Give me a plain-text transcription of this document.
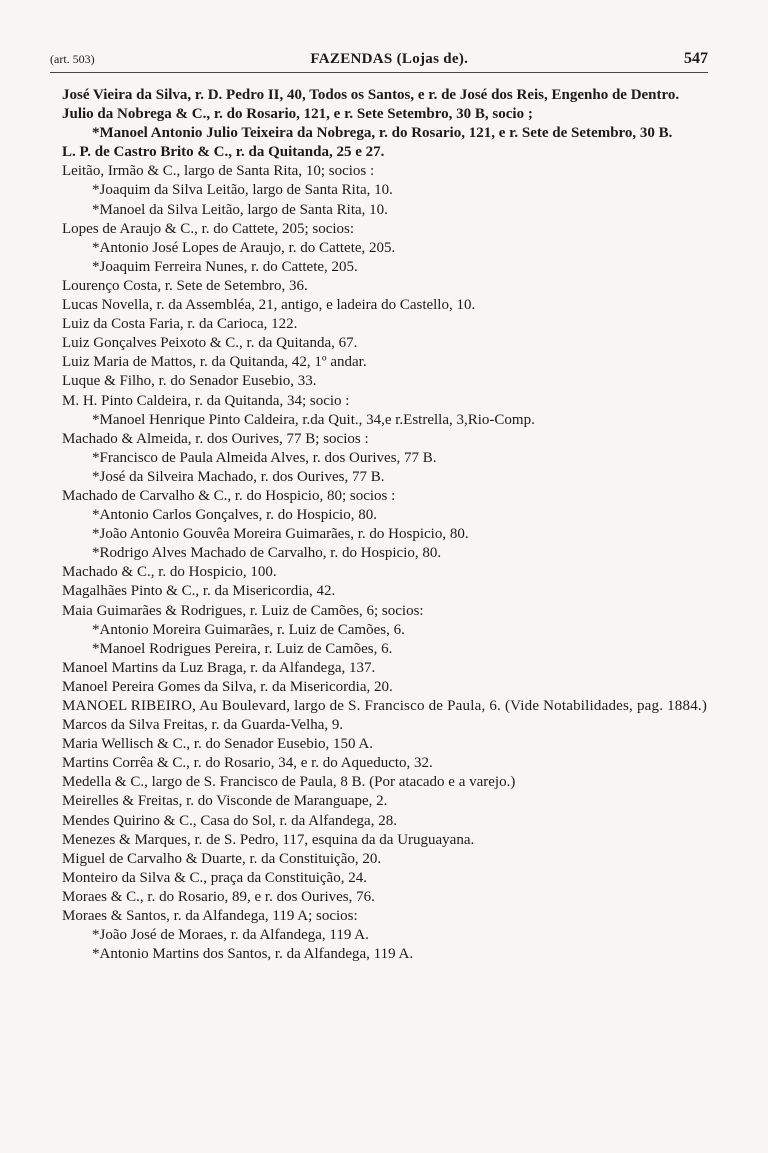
(art. 503)	FAZENDAS (Lojas de).	547

José Vieira da Silva, r. D. Pedro II, 40, Todos os Santos, e r. de José dos Reis, Engenho de Dentro.

Julio da Nobrega & C., r. do Rosario, 121, e r. Sete Setembro, 30 B, socio ;

*Manoel Antonio Julio Teixeira da Nobrega, r. do Rosario, 121, e r. Sete de Setembro, 30 B.

L. P. de Castro Brito & C., r. da Quitanda, 25 e 27.

Leitão, Irmão & C., largo de Santa Rita, 10; socios :

*Joaquim da Silva Leitão, largo de Santa Rita, 10.

*Manoel da Silva Leitão, largo de Santa Rita, 10.

Lopes de Araujo & C., r. do Cattete, 205; socios:

*Antonio José Lopes de Araujo, r. do Cattete, 205.

*Joaquim Ferreira Nunes, r. do Cattete, 205.

Lourenço Costa, r. Sete de Setembro, 36.

Lucas Novella, r. da Assembléa, 21, antigo, e ladeira do Castello, 10.

Luiz da Costa Faria, r. da Carioca, 122.

Luiz Gonçalves Peixoto & C., r. da Quitanda, 67.

Luiz Maria de Mattos, r. da Quitanda, 42, 1º andar.

Luque & Filho, r. do Senador Eusebio, 33.

M. H. Pinto Caldeira, r. da Quitanda, 34; socio :

*Manoel Henrique Pinto Caldeira, r.da Quit., 34,e r.Estrella, 3,Rio-Comp.

Machado & Almeida, r. dos Ourives, 77 B; socios :

*Francisco de Paula Almeida Alves, r. dos Ourives, 77 B.

*José da Silveira Machado, r. dos Ourives, 77 B.

Machado de Carvalho & C., r. do Hospicio, 80; socios :

*Antonio Carlos Gonçalves, r. do Hospicio, 80.

*João Antonio Gouvêa Moreira Guimarães, r. do Hospicio, 80.

*Rodrigo Alves Machado de Carvalho, r. do Hospicio, 80.

Machado & C., r. do Hospicio, 100.

Magalhães Pinto & C., r. da Misericordia, 42.

Maia Guimarães & Rodrigues, r. Luiz de Camões, 6; socios:

*Antonio Moreira Guimarães, r. Luiz de Camões, 6.

*Manoel Rodrigues Pereira, r. Luiz de Camões, 6.

Manoel Martins da Luz Braga, r. da Alfandega, 137.

Manoel Pereira Gomes da Silva, r. da Misericordia, 20.

MANOEL RIBEIRO, Au Boulevard, largo de S. Francisco de Paula, 6. (Vide Notabilidades, pag. 1884.)

Marcos da Silva Freitas, r. da Guarda-Velha, 9.

Maria Wellisch & C., r. do Senador Eusebio, 150 A.

Martins Corrêa & C., r. do Rosario, 34, e r. do Aqueducto, 32.

Medella & C., largo de S. Francisco de Paula, 8 B. (Por atacado e a varejo.)

Meirelles & Freitas, r. do Visconde de Maranguape, 2.

Mendes Quirino & C., Casa do Sol, r. da Alfandega, 28.

Menezes & Marques, r. de S. Pedro, 117, esquina da da Uruguayana.

Miguel de Carvalho & Duarte, r. da Constituição, 20.

Monteiro da Silva & C., praça da Constituição, 24.

Moraes & C., r. do Rosario, 89, e r. dos Ourives, 76.

Moraes & Santos, r. da Alfandega, 119 A; socios:

*João José de Moraes, r. da Alfandega, 119 A.

*Antonio Martins dos Santos, r. da Alfandega, 119 A.
